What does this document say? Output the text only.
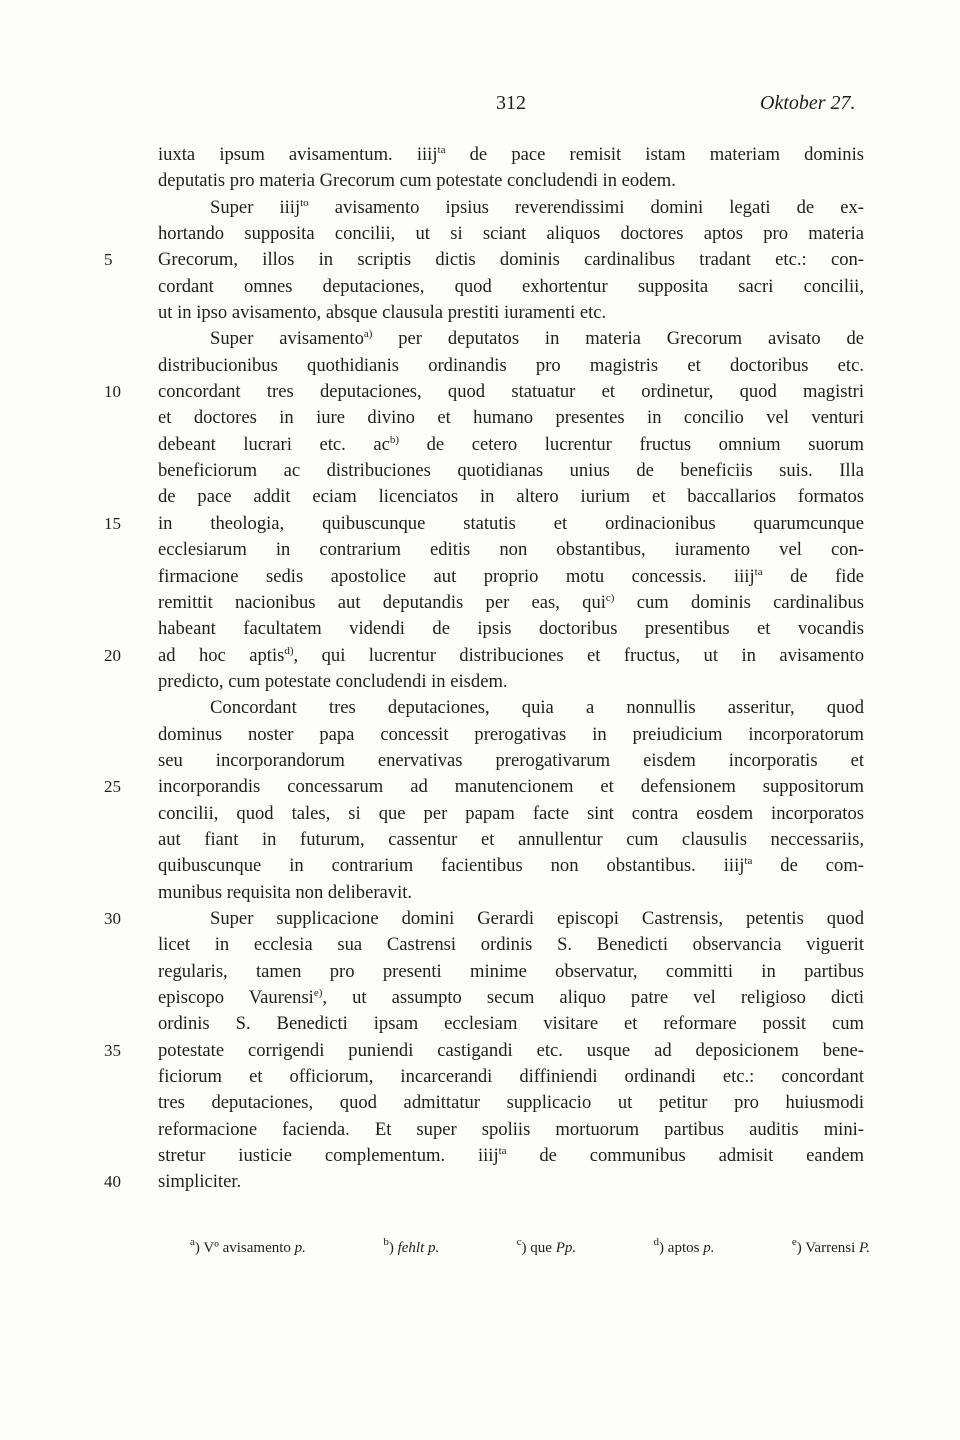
312	Oktober 27.
iuxta ipsum avisamentum. iiij$^{ta}$ de pace remisit istam materiam dominis
deputatis pro materia Grecorum cum potestate concludendi in eodem.
Super iiij$^{to}$ avisamento ipsius reverendissimi domini legati de ex-
hortando supposita concilii, ut si sciant aliquos doctores aptos pro materia
5	Grecorum, illos in scriptis dictis dominis cardinalibus tradant etc.: con-
cordant omnes deputaciones, quod exhortentur supposita sacri concilii,
ut in ipso avisamento, absque clausula prestiti iuramenti etc.
Super avisamento$^{a)}$ per deputatos in materia Grecorum avisato de
distribucionibus quothidianis ordinandis pro magistris et doctoribus etc.
10	concordant tres deputaciones, quod statuatur et ordinetur, quod magistri
et doctores in iure divino et humano presentes in concilio vel venturi
debeant lucrari etc. $ac^{b)}$ de cetero lucrentur fructus omnium suorum
beneficiorum ac distribuciones quotidianas unius de beneficiis suis. Illa
de pace addit eciam licenciatos in altero iurium et baccallarios formatos
15	in theologia, quibuscunque statutis et ordinacionibus quarumcunque
ecclesiarum in contrarium editis non obstantibus, iuramento vel con-
firmacione sedis apostolice aut proprio motu concessis. iiij$^{ta}$ de fide
remittit nacionibus aut deputandis per eas, qui$^{c)}$ cum dominis cardinalibus
habeant facultatem videndi de ipsis doctoribus presentibus et vocandis
20	ad hoc aptis$^{d)}$, qui lucrentur distribuciones et fructus, ut in avisamento
predicto, cum potestate concludendi in eisdem.
Concordant tres deputaciones, quia a nonnullis asseritur, quod
dominus noster papa concessit prerogativas in preiudicium incorporatorum
seu incorporandorum enervativas prerogativarum eisdem incorporatis et
25	incorporandis concessarum ad manutencionem et defensionem suppositorum
concilii, quod tales, si que per papam facte sint contra eosdem incorporatos
aut fiant in futurum, cassentur et annullentur cum clausulis neccessariis,
quibuscunque in contrarium facientibus non obstantibus. iiij$^{ta}$ de com-
munibus requisita non deliberavit.
30	Super supplicacione domini Gerardi episcopi Castrensis, petentis quod
licet in ecclesia sua Castrensi ordinis S. Benedicti observancia viguerit
regularis, tamen pro presenti minime observatur, committi in partibus
episcopo Vaurensi$^{e)}$, ut assumpto secum aliquo patre vel religioso dicti
ordinis S. Benedicti ipsam ecclesiam visitare et reformare possit cum
35	potestate corrigendi puniendi castigandi etc. usque ad deposicionem bene-
ficiorum et officiorum, incarcerandi diffiniendi ordinandi etc.: concordant
tres deputaciones, quod admittatur supplicacio ut petitur pro huiusmodi
reformacione facienda. Et super spoliis mortuorum partibus auditis mini-
stretur iusticie complementum. iiij$^{ta}$ de communibus admisit eandem
40	simpliciter.
$^a$) Vº avisamento p.	$^b$) fehlt p.	$^c$) que Pp.	$^d$) aptos p.	$^e$) Varrensi P.
